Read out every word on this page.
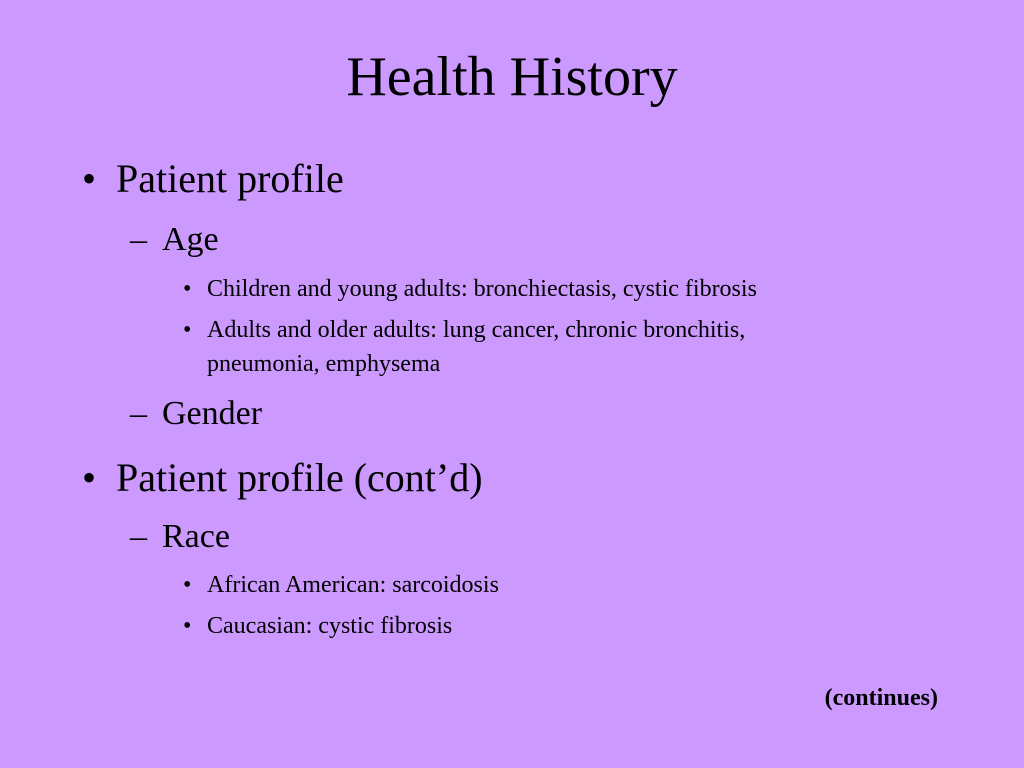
Health History
• Patient profile
– Age
• Children and young adults: bronchiectasis, cystic fibrosis
• Adults and older adults: lung cancer, chronic bronchitis,
pneumonia, emphysema
– Gender
• Patient profile (cont’d)
– Race
• African American: sarcoidosis
• Caucasian: cystic fibrosis
(continues)
